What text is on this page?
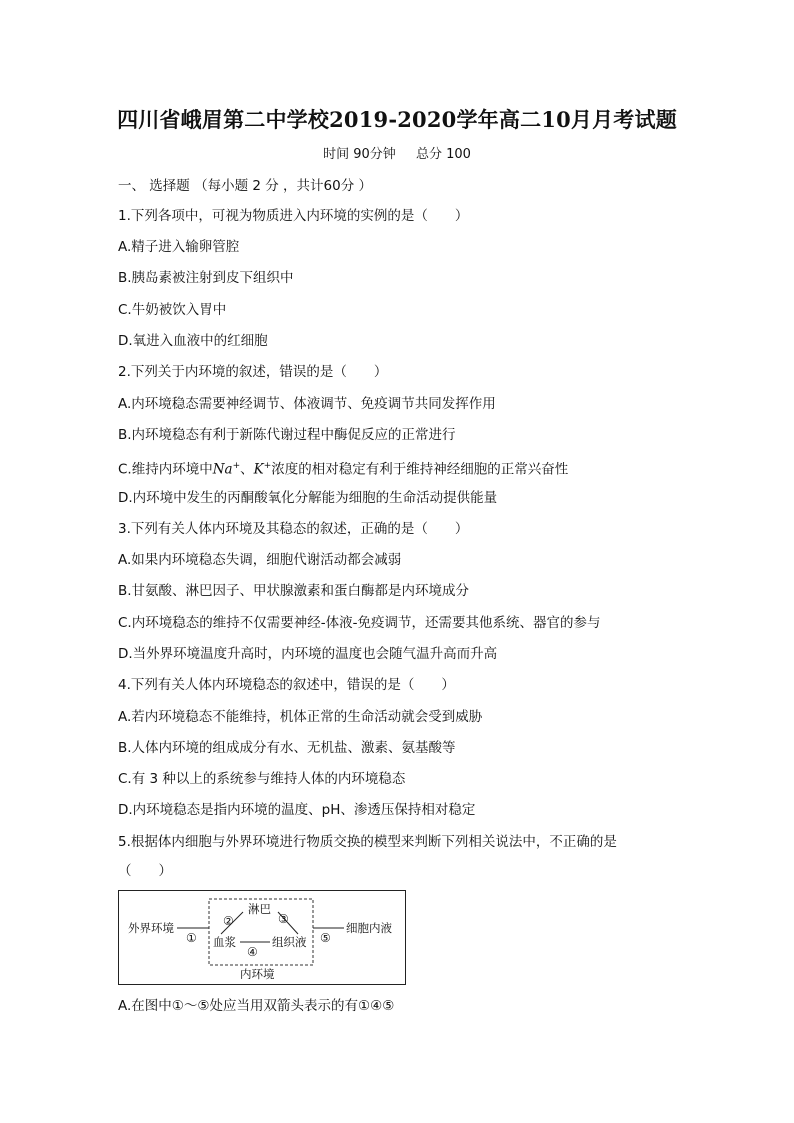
四川省峨眉第二中学校2019-2020学年高二10月月考试题
时间 90分钟 总分 100
一、 选择题 （每小题 2 分 ，共计60分 ）
1.下列各项中，可视为物质进入内环境的实例的是（　　）
A.精子进入输卵管腔
B.胰岛素被注射到皮下组织中
C.牛奶被饮入胃中
D.氧进入血液中的红细胞
2.下列关于内环境的叙述，错误的是（　　）
A.内环境稳态需要神经调节、体液调节、免疫调节共同发挥作用
B.内环境稳态有利于新陈代谢过程中酶促反应的正常进行
C.维持内环境中Na+、K+浓度的相对稳定有利于维持神经细胞的正常兴奋性
D.内环境中发生的丙酮酸氧化分解能为细胞的生命活动提供能量
3.下列有关人体内环境及其稳态的叙述，正确的是（　　）
A.如果内环境稳态失调，细胞代谢活动都会减弱
B.甘氨酸、淋巴因子、甲状腺激素和蛋白酶都是内环境成分
C.内环境稳态的维持不仅需要神经-体液-免疫调节，还需要其他系统、器官的参与
D.当外界环境温度升高时，内环境的温度也会随气温升高而升高
4.下列有关人体内环境稳态的叙述中，错误的是（　　）
A.若内环境稳态不能维持，机体正常的生命活动就会受到威胁
B.人体内环境的组成成分有水、无机盐、激素、氨基酸等
C.有 3 种以上的系统参与维持人体的内环境稳态
D.内环境稳态是指内环境的温度、pH、渗透压保持相对稳定
5.根据体内细胞与外界环境进行物质交换的模型来判断下列相关说法中，不正确的是
（　　）
外界环境
①
淋巴
②	③
血浆
④
组织液 ⑤
细胞内液
内环境
A.在图中①～⑤处应当用双箭头表示的有①④⑤
